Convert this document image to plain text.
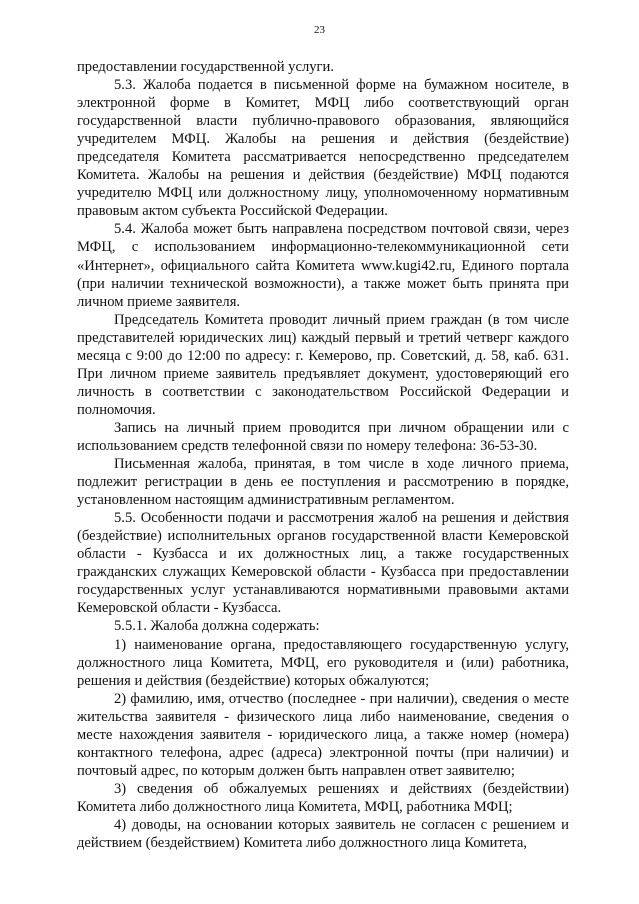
23

предоставлении государственной услуги.

5.3. Жалоба подается в письменной форме на бумажном носителе, в электронной форме в Комитет, МФЦ либо соответствующий орган государственной власти публично-правового образования, являющийся учредителем МФЦ. Жалобы на решения и действия (бездействие) председателя Комитета рассматривается непосредственно председателем Комитета. Жалобы на решения и действия (бездействие) МФЦ подаются учредителю МФЦ или должностному лицу, уполномоченному нормативным правовым актом субъекта Российской Федерации.

5.4. Жалоба может быть направлена посредством почтовой связи, через МФЦ, с использованием информационно-телекоммуникационной сети «Интернет», официального сайта Комитета www.kugi42.ru, Единого портала (при наличии технической возможности), а также может быть принята при личном приеме заявителя.

Председатель Комитета проводит личный прием граждан (в том числе представителей юридических лиц) каждый первый и третий четверг каждого месяца с 9:00 до 12:00 по адресу: г. Кемерово, пр. Советский, д. 58, каб. 631. При личном приеме заявитель предъявляет документ, удостоверяющий его личность в соответствии с законодательством Российской Федерации и полномочия.

Запись на личный прием проводится при личном обращении или с использованием средств телефонной связи по номеру телефона: 36-53-30.

Письменная жалоба, принятая, в том числе в ходе личного приема, подлежит регистрации в день ее поступления и рассмотрению в порядке, установленном настоящим административным регламентом.

5.5. Особенности подачи и рассмотрения жалоб на решения и действия (бездействие) исполнительных органов государственной власти Кемеровской области - Кузбасса и их должностных лиц, а также государственных гражданских служащих Кемеровской области - Кузбасса при предоставлении государственных услуг устанавливаются нормативными правовыми актами Кемеровской области - Кузбасса.

5.5.1. Жалоба должна содержать:

1) наименование органа, предоставляющего государственную услугу, должностного лица Комитета, МФЦ, его руководителя и (или) работника, решения и действия (бездействие) которых обжалуются;

2) фамилию, имя, отчество (последнее - при наличии), сведения о месте жительства заявителя - физического лица либо наименование, сведения о месте нахождения заявителя - юридического лица, а также номер (номера) контактного телефона, адрес (адреса) электронной почты (при наличии) и почтовый адрес, по которым должен быть направлен ответ заявителю;

3) сведения об обжалуемых решениях и действиях (бездействии) Комитета либо должностного лица Комитета, МФЦ, работника МФЦ;

4) доводы, на основании которых заявитель не согласен с решением и действием (бездействием) Комитета либо должностного лица Комитета,
